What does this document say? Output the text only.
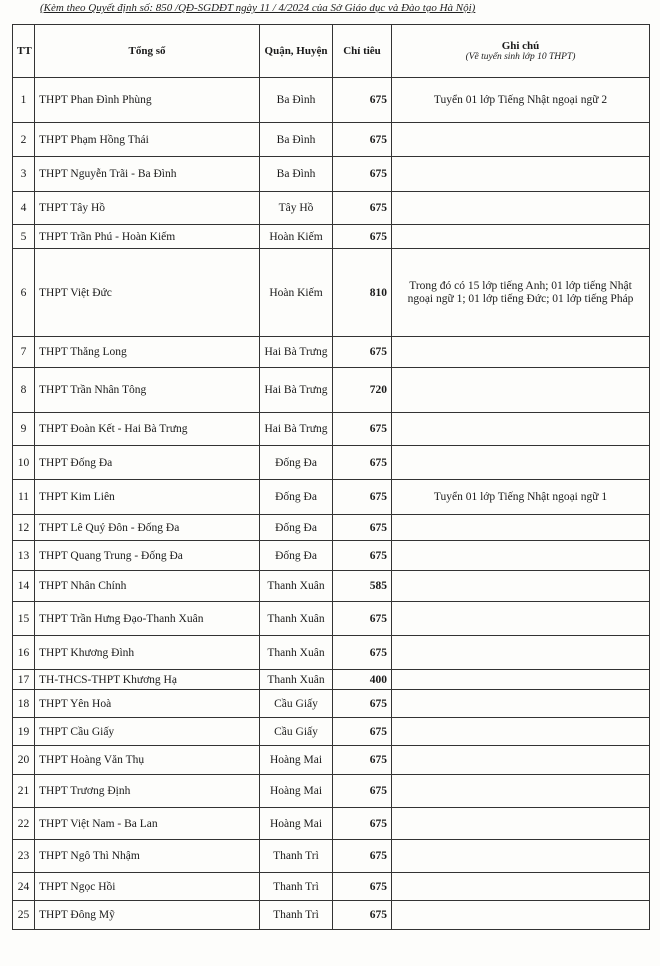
(Kèm theo Quyết định số: 850 /QĐ-SGDĐT ngày 11 / 4/2024 của Sở Giáo dục và Đào tạo Hà Nội)
TT	Tổng số	Quận, Huyện	Chỉ tiêu	Ghi chú
(Về tuyển sinh lớp 10 THPT)

1	THPT Phan Đình Phùng	Ba Đình	675	Tuyển 01 lớp Tiếng Nhật ngoại ngữ 2
2	THPT Phạm Hồng Thái	Ba Đình	675	
3	THPT Nguyễn Trãi - Ba Đình	Ba Đình	675	
4	THPT Tây Hồ	Tây Hồ	675	
5	THPT Trần Phú - Hoàn Kiếm	Hoàn Kiếm	675	
6	THPT Việt Đức	Hoàn Kiếm	810	Trong đó có 15 lớp tiếng Anh; 01 lớp tiếng Nhật ngoại ngữ 1; 01 lớp tiếng Đức; 01 lớp tiếng Pháp
7	THPT Thăng Long	Hai Bà Trưng	675	
8	THPT Trần Nhân Tông	Hai Bà Trưng	720	
9	THPT Đoàn Kết - Hai Bà Trưng	Hai Bà Trưng	675	
10	THPT Đống Đa	Đống Đa	675	
11	THPT Kim Liên	Đống Đa	675	Tuyển 01 lớp Tiếng Nhật ngoại ngữ 1
12	THPT Lê Quý Đôn - Đống Đa	Đống Đa	675	
13	THPT Quang Trung - Đống Đa	Đống Đa	675	
14	THPT Nhân Chính	Thanh Xuân	585	
15	THPT Trần Hưng Đạo-Thanh Xuân	Thanh Xuân	675	
16	THPT Khương Đình	Thanh Xuân	675	
17	TH-THCS-THPT Khương Hạ	Thanh Xuân	400	
18	THPT Yên Hoà	Cầu Giấy	675	
19	THPT Cầu Giấy	Cầu Giấy	675	
20	THPT Hoàng Văn Thụ	Hoàng Mai	675	
21	THPT Trương Định	Hoàng Mai	675	
22	THPT Việt Nam - Ba Lan	Hoàng Mai	675	
23	THPT Ngô Thì Nhậm	Thanh Trì	675	
24	THPT Ngọc Hồi	Thanh Trì	675	
25	THPT Đông Mỹ	Thanh Trì	675	
